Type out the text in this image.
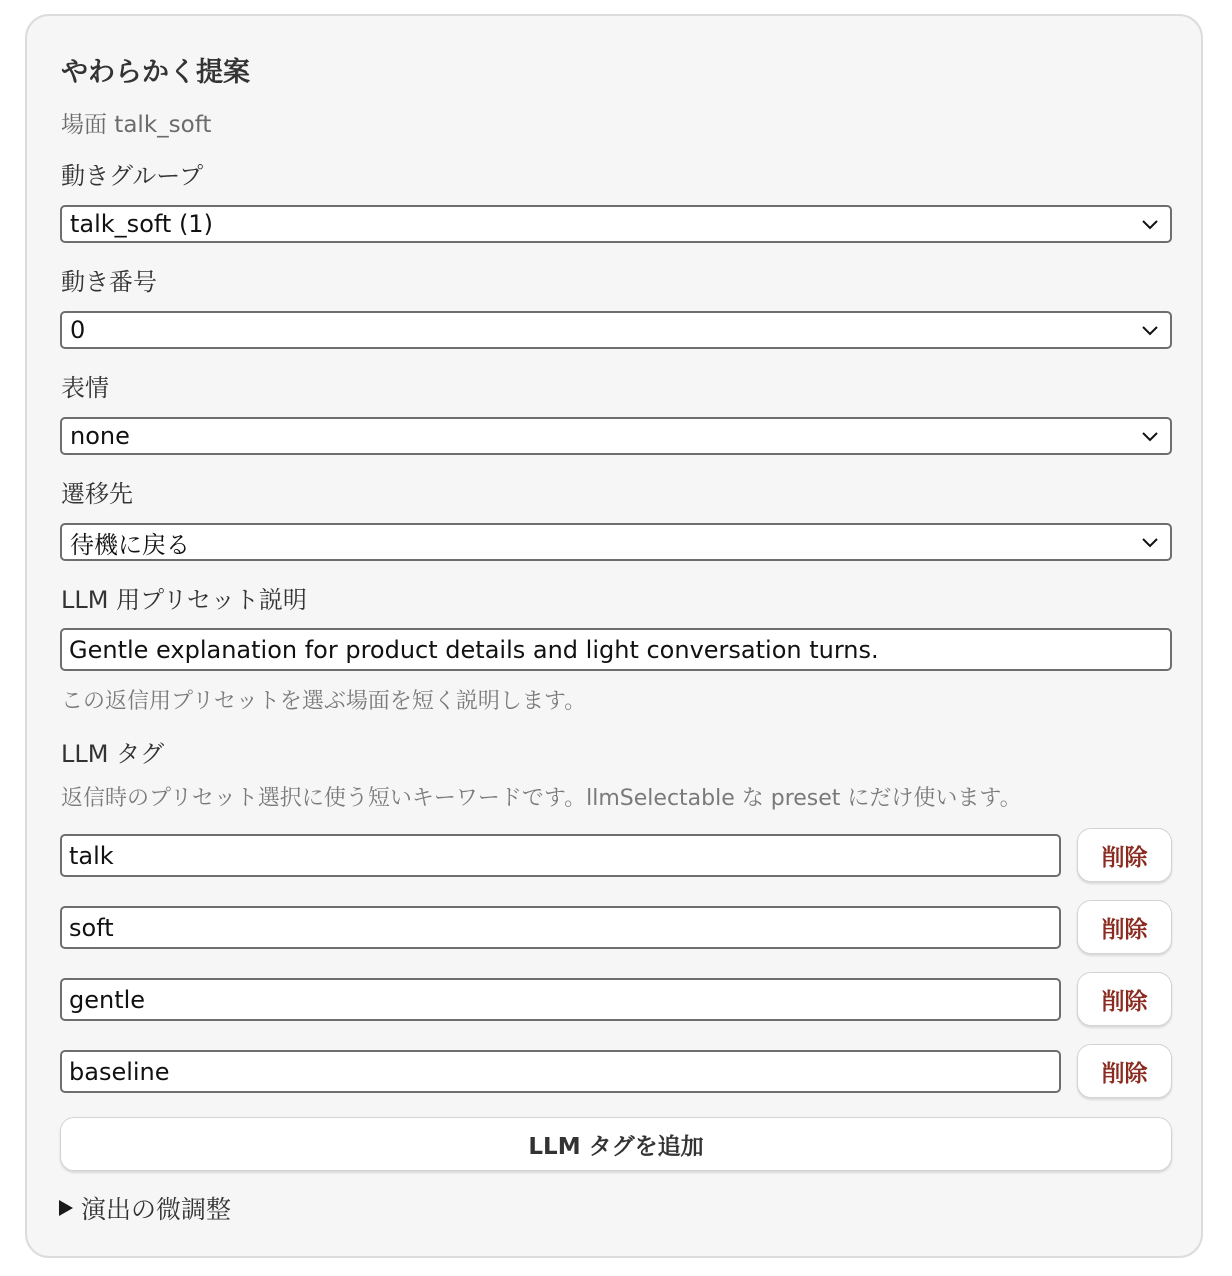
やわらかく提案
場面 talk_soft
動きグループ
talk_soft (1)
動き番号
0
表情
none
遷移先
待機に戻る
LLM 用プリセット説明
Gentle explanation for product details and light conversation turns.
この返信用プリセットを選ぶ場面を短く説明します。
LLM タグ
返信時のプリセット選択に使う短いキーワードです。llmSelectable な preset にだけ使います。
talk	削除
soft	削除
gentle	削除
baseline	削除
LLM タグを追加
演出の微調整
